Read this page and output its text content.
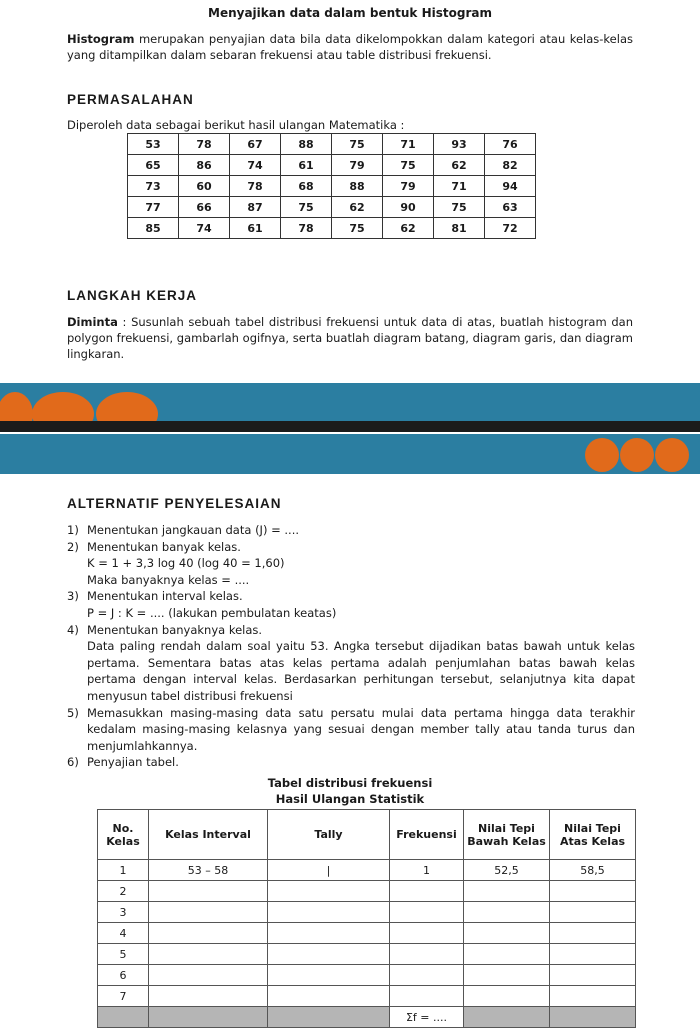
Menyajikan data dalam bentuk Histogram
Histogram merupakan penyajian data bila data dikelompokkan dalam kategori atau kelas-kelas yang ditampilkan dalam sebaran frekuensi atau table distribusi frekuensi.
PERMASALAHAN
Diperoleh data sebagai berikut hasil ulangan Matematika :
53	78	67	88	75	71	93	76
65	86	74	61	79	75	62	82
73	60	78	68	88	79	71	94
77	66	87	75	62	90	75	63
85	74	61	78	75	62	81	72
LANGKAH KERJA
Diminta : Susunlah sebuah tabel distribusi frekuensi untuk data di atas, buatlah histogram dan polygon frekuensi, gambarlah ogifnya, serta buatlah diagram batang, diagram garis, dan diagram lingkaran.
ALTERNATIF PENYELESAIAN
1) Menentukan jangkauan data (J) = ....
2) Menentukan banyak kelas.
K = 1 + 3,3 log 40 (log 40 = 1,60)
Maka banyaknya kelas = ....
3) Menentukan interval kelas.
P = J : K = .... (lakukan pembulatan keatas)
4) Menentukan banyaknya kelas.
Data paling rendah dalam soal yaitu 53. Angka tersebut dijadikan batas bawah untuk kelas pertama. Sementara batas atas kelas pertama adalah penjumlahan batas bawah kelas pertama dengan interval kelas. Berdasarkan perhitungan tersebut, selanjutnya kita dapat menyusun tabel distribusi frekuensi
5) Memasukkan masing-masing data satu persatu mulai data pertama hingga data terakhir kedalam masing-masing kelasnya yang sesuai dengan member tally atau tanda turus dan menjumlahkannya.
6) Penyajian tabel.
Tabel distribusi frekuensi
Hasil Ulangan Statistik
No. Kelas	Kelas Interval	Tally	Frekuensi	Nilai Tepi Bawah Kelas	Nilai Tepi Atas Kelas
1	53 – 58	|	1	52,5	58,5
2					
3					
4					
5					
6					
7					
			Σf = ....		
